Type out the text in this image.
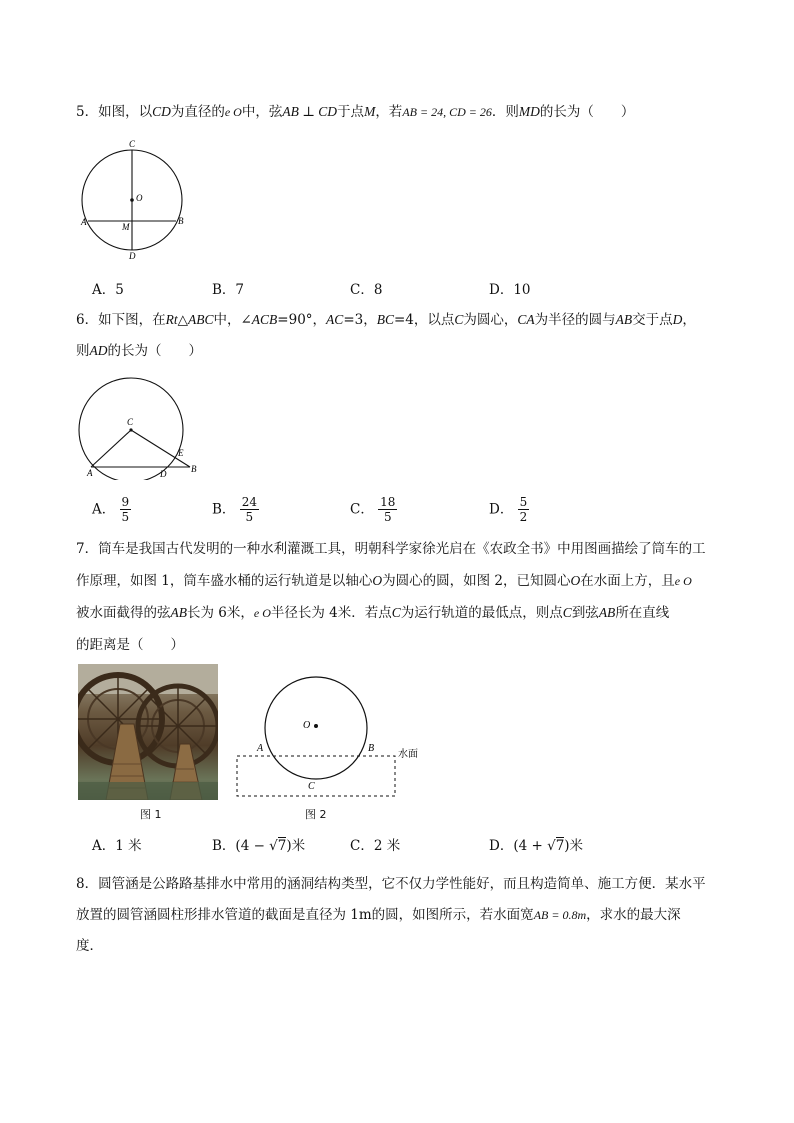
5．如图，以CD为直径的e O中，弦AB ⊥ CD于点M，若AB = 24, CD = 26．则MD的长为（　　）
C
O
A	M
B
D
A．5	B．7	C．8	D．10
6．如下图，在Rt△ABC中，∠ACB=90°，AC=3，BC=4，以点C为圆心，CA为半径的圆与AB交于点D，
则AD的长为（　　）
C
E
A	D	B
A． $\frac{9}{5}$	B． $\frac{24}{5}$	C． $\frac{18}{5}$	D． $\frac{5}{2}$
7．筒车是我国古代发明的一种水利灌溉工具，明朝科学家徐光启在《农政全书》中用图画描绘了筒车的工
作原理，如图 1，筒车盛水桶的运行轨道是以轴心O为圆心的圆，如图 2，已知圆心O在水面上方，且e O
被水面截得的弦AB长为 6米，e O半径长为 4米．若点C为运行轨道的最低点，则点C到弦AB所在直线
的距离是（　　）
图 1
O
A	B
C
水面
图 2
A．1 米	B．(4 − √7)米	C．2 米	D．(4 + √7)米
8．圆管涵是公路路基排水中常用的涵洞结构类型，它不仅力学性能好，而且构造简单、施工方便．某水平
放置的圆管涵圆柱形排水管道的截面是直径为 1m的圆，如图所示，若水面宽AB = 0.8m，求水的最大深
度．
